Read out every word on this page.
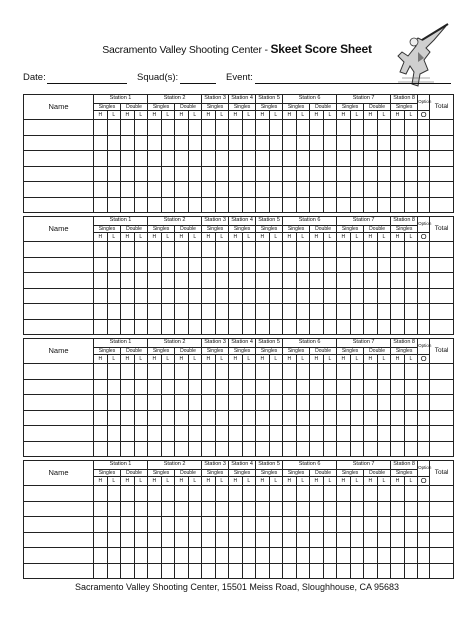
Sacramento Valley Shooting Center - Skeet Score Sheet
Date:	Squad(s):	Event:
Name	Station 1				Station 2				Station 3		Station 4		Station 5		Station 6				Station 7				Station 8		Option	Total
	Singles		Double		Singles		Double		Singles		Singles		Singles		Singles		Double		Singles		Double		Singles			
	H	L	H	L	H	L	H	L	H	L	H	L	H	L	H	L	H	L	H	L	H	L	H	L	O	

Name	Station 1				Station 2				Station 3		Station 4		Station 5		Station 6				Station 7				Station 8		Option	Total
	Singles		Double		Singles		Double		Singles		Singles		Singles		Singles		Double		Singles		Double		Singles			
	H	L	H	L	H	L	H	L	H	L	H	L	H	L	H	L	H	L	H	L	H	L	H	L	O	

Name	Station 1				Station 2				Station 3		Station 4		Station 5		Station 6				Station 7				Station 8		Option	Total
	Singles		Double		Singles		Double		Singles		Singles		Singles		Singles		Double		Singles		Double		Singles			
	H	L	H	L	H	L	H	L	H	L	H	L	H	L	H	L	H	L	H	L	H	L	H	L	O	

Name	Station 1				Station 2				Station 3		Station 4		Station 5		Station 6				Station 7				Station 8		Option	Total
	Singles		Double		Singles		Double		Singles		Singles		Singles		Singles		Double		Singles		Double		Singles			
	H	L	H	L	H	L	H	L	H	L	H	L	H	L	H	L	H	L	H	L	H	L	H	L	O	

Sacramento Valley Shooting Center, 15501 Meiss Road, Sloughhouse, CA 95683
